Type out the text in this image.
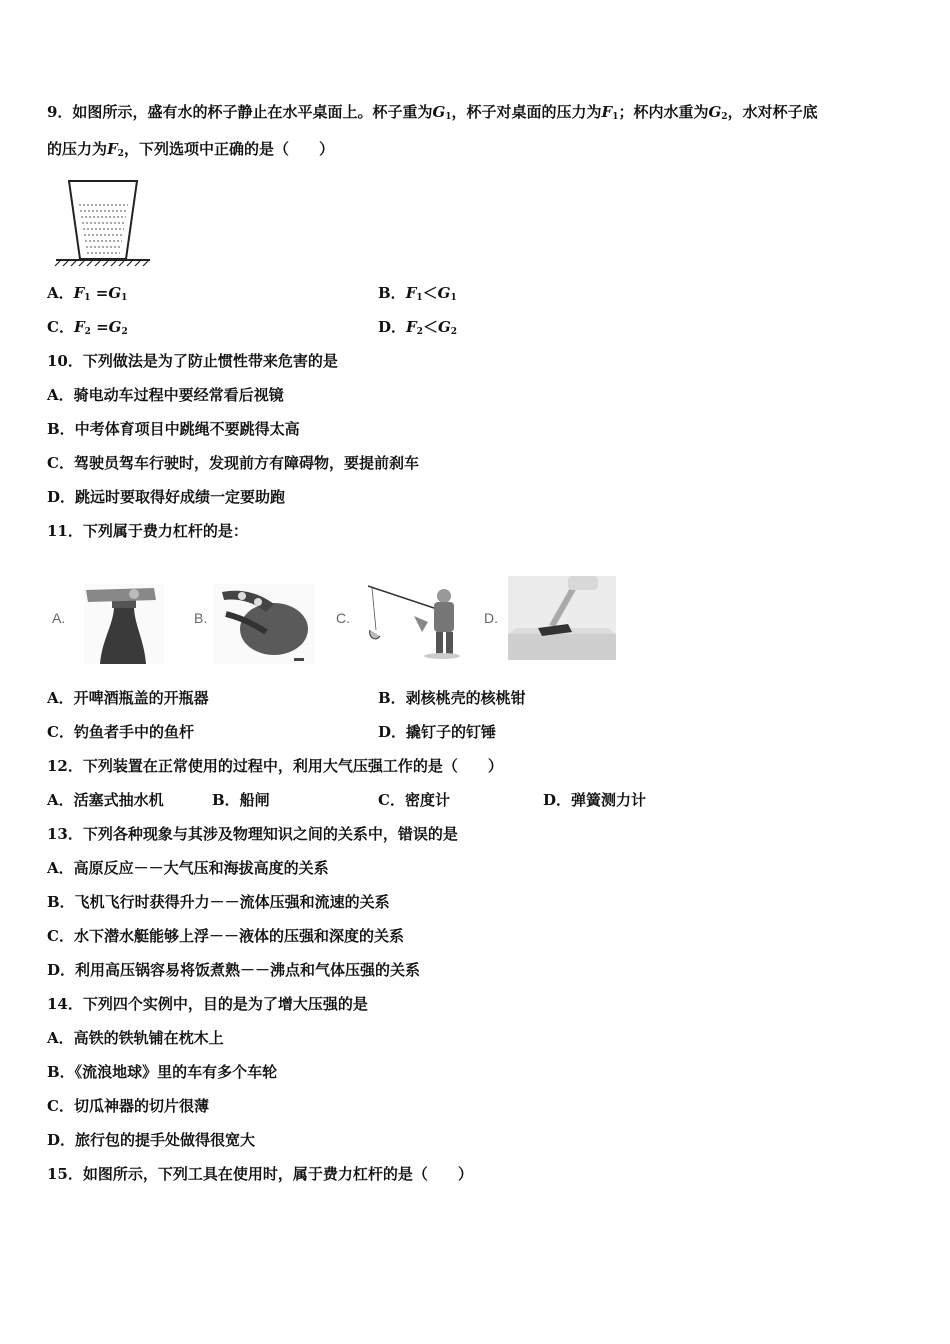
9．如图所示，盛有水的杯子静止在水平桌面上。杯子重为$G_1$，杯子对桌面的压力为$F_1$；杯内水重为$G_2$，水对杯子底
的压力为$F_2$，下列选项中正确的是（　　）
A．$F_1 =G_1$	B．$F_1<G_1$
C．$F_2 =G_2$	D．$F_2<G_2$
10．下列做法是为了防止惯性带来危害的是
A．骑电动车过程中要经常看后视镜
B．中考体育项目中跳绳不要跳得太高
C．驾驶员驾车行驶时，发现前方有障碍物，要提前刹车
D．跳远时要取得好成绩一定要助跑
11．下列属于费力杠杆的是：
A.	B.	C.	D.
A．开啤酒瓶盖的开瓶器	B．剥核桃壳的核桃钳
C．钓鱼者手中的鱼杆	D．撬钉子的钉锤
12．下列装置在正常使用的过程中，利用大气压强工作的是（　　）
A．活塞式抽水机	B．船闸	C．密度计	D．弹簧测力计
13．下列各种现象与其涉及物理知识之间的关系中，错误的是
A．高原反应－－大气压和海拔高度的关系
B．飞机飞行时获得升力－－流体压强和流速的关系
C．水下潜水艇能够上浮－－液体的压强和深度的关系
D．利用高压锅容易将饭煮熟－－沸点和气体压强的关系
14．下列四个实例中，目的是为了增大压强的是
A．高铁的铁轨铺在枕木上
B．《流浪地球》里的车有多个车轮
C．切瓜神器的切片很薄
D．旅行包的提手处做得很宽大
15．如图所示，下列工具在使用时，属于费力杠杆的是（　　）
